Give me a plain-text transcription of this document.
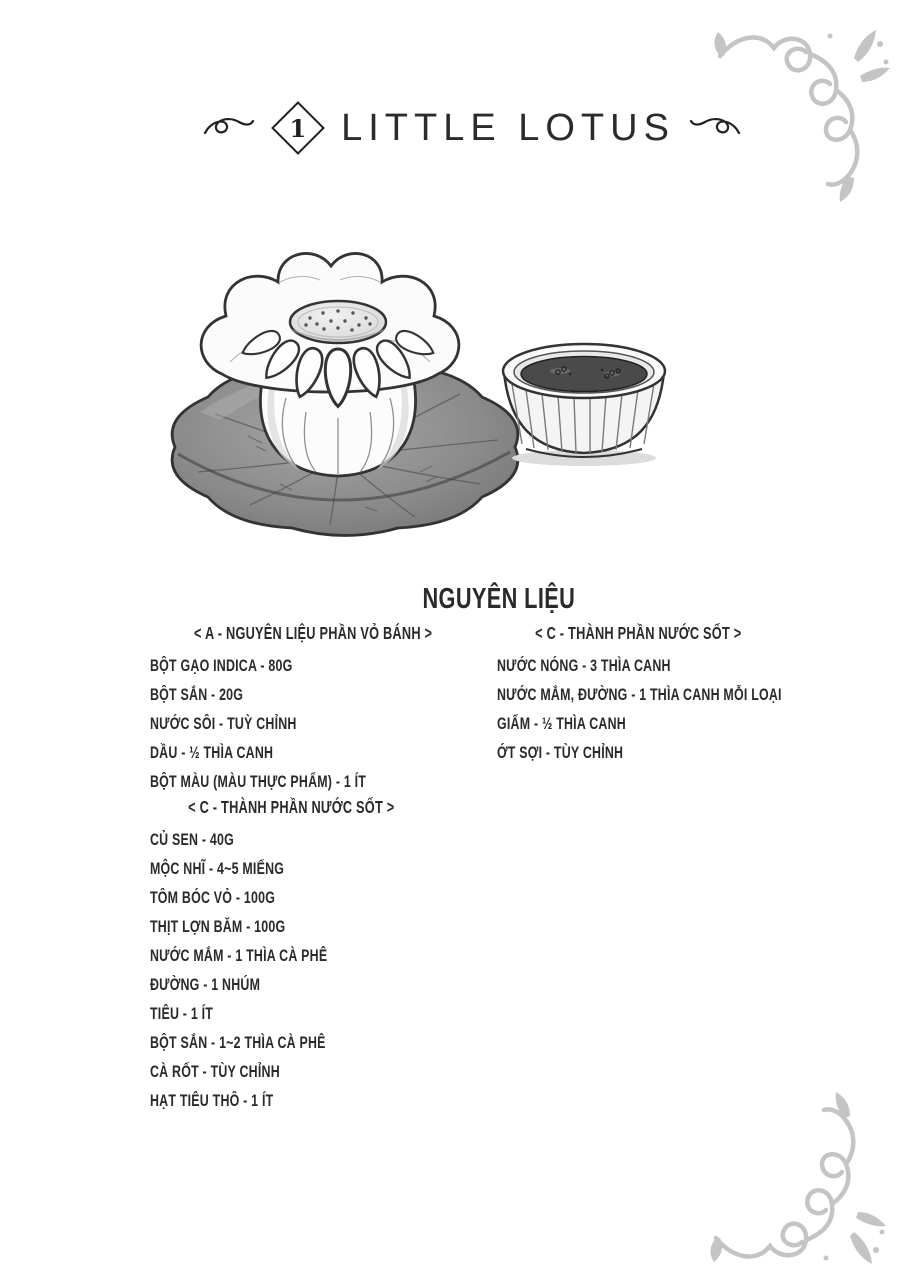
1 LITTLE LOTUS
NGUYÊN LIỆU
< A - NGUYÊN LIỆU PHẦN VỎ BÁNH >
BỘT GẠO INDICA - 80G
BỘT SẮN - 20G
NƯỚC SÔI - TUỲ CHỈNH
DẦU - ½ THÌA CANH
BỘT MÀU (MÀU THỰC PHẨM) - 1 ÍT
< C - THÀNH PHẦN NƯỚC SỐT >
NƯỚC NÓNG - 3 THÌA CANH
NƯỚC MẮM, ĐƯỜNG - 1 THÌA CANH MỖI LOẠI
GIẤM - ½ THÌA CANH
ỚT SỢI - TÙY CHỈNH
< C - THÀNH PHẦN NƯỚC SỐT >
CỦ SEN - 40G
MỘC NHĨ - 4~5 MIẾNG
TÔM BÓC VỎ - 100G
THỊT LỢN BĂM - 100G
NƯỚC MẮM - 1 THÌA CÀ PHÊ
ĐƯỜNG - 1 NHÚM
TIÊU - 1 ÍT
BỘT SẮN - 1~2 THÌA CÀ PHÊ
CÀ RỐT - TÙY CHỈNH
HẠT TIÊU THÔ - 1 ÍT
